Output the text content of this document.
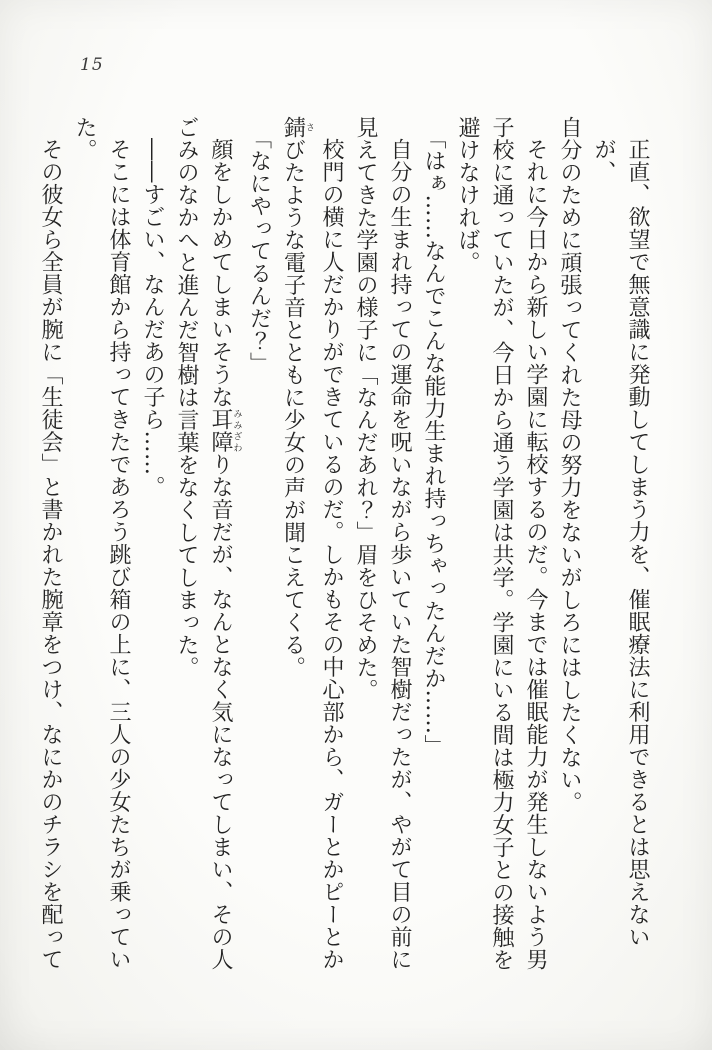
15
正直、欲望で無意識に発動してしまう力を、催眠療法に利用できるとは思えないが、
自分のために頑張ってくれた母の努力をないがしろにはしたくない。
それに今日から新しい学園に転校するのだ。今までは催眠能力が発生しないよう男
子校に通っていたが、今日から通う学園は共学。学園にいる間は極力女子との接触を
避けなければ。
「はぁ……なんでこんな能力生まれ持っちゃったんだか……」
自分の生まれ持っての運命を呪いながら歩いていた智樹だったが、やがて目の前に
見えてきた学園の様子に「なんだあれ？」眉をひそめた。
校門の横に人だかりができているのだ。しかもその中心部から、ガーとかピーとか
錆さびたような電子音とともに少女の声が聞こえてくる。
「なにやってるんだ？」
顔をしかめてしまいそうな耳障みみざわりな音だが、なんとなく気になってしまい、その人
ごみのなかへと進んだ智樹は言葉をなくしてしまった。
――すごい、なんだあの子ら……。
そこには体育館から持ってきたであろう跳び箱の上に、三人の少女たちが乗ってい
た。
その彼女ら全員が腕に「生徒会」と書かれた腕章をつけ、なにかのチラシを配って
